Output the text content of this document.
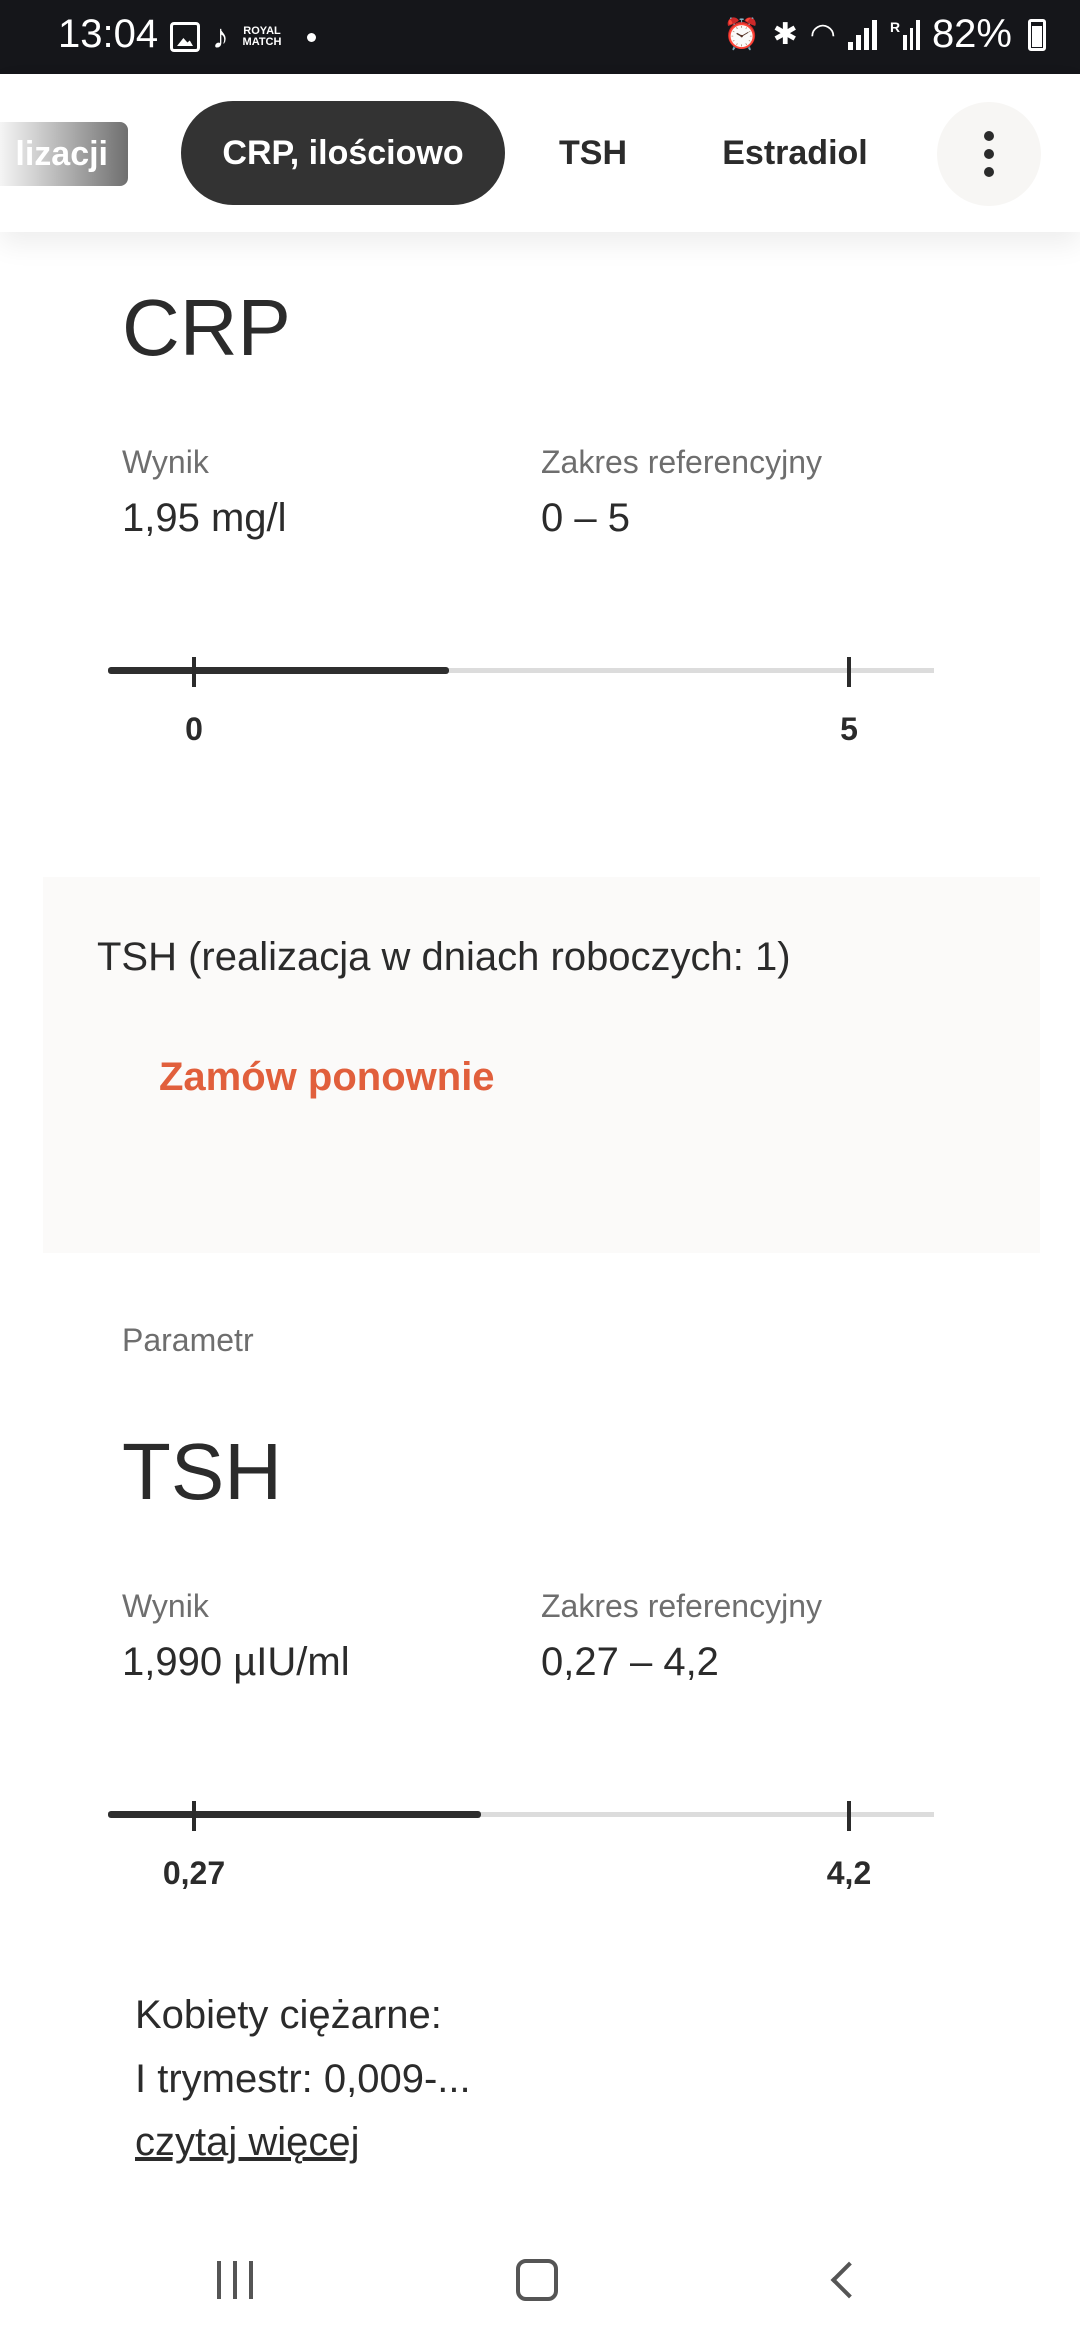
13:04 ♪ ROYAL MATCH	⏰ ✱ ◠	R 82%
lizacji	CRP, ilościowo	TSH	Estradiol
CRP
Wynik
1,95 mg/l
Zakres referencyjny
0 – 5
0	5
TSH (realizacja w dniach roboczych: 1)
Zamów ponownie
Parametr
TSH
Wynik
1,990 µIU/ml
Zakres referencyjny
0,27 – 4,2
0,27	4,2
Kobiety ciężarne:
I trymestr: 0,009-...
czytaj więcej
